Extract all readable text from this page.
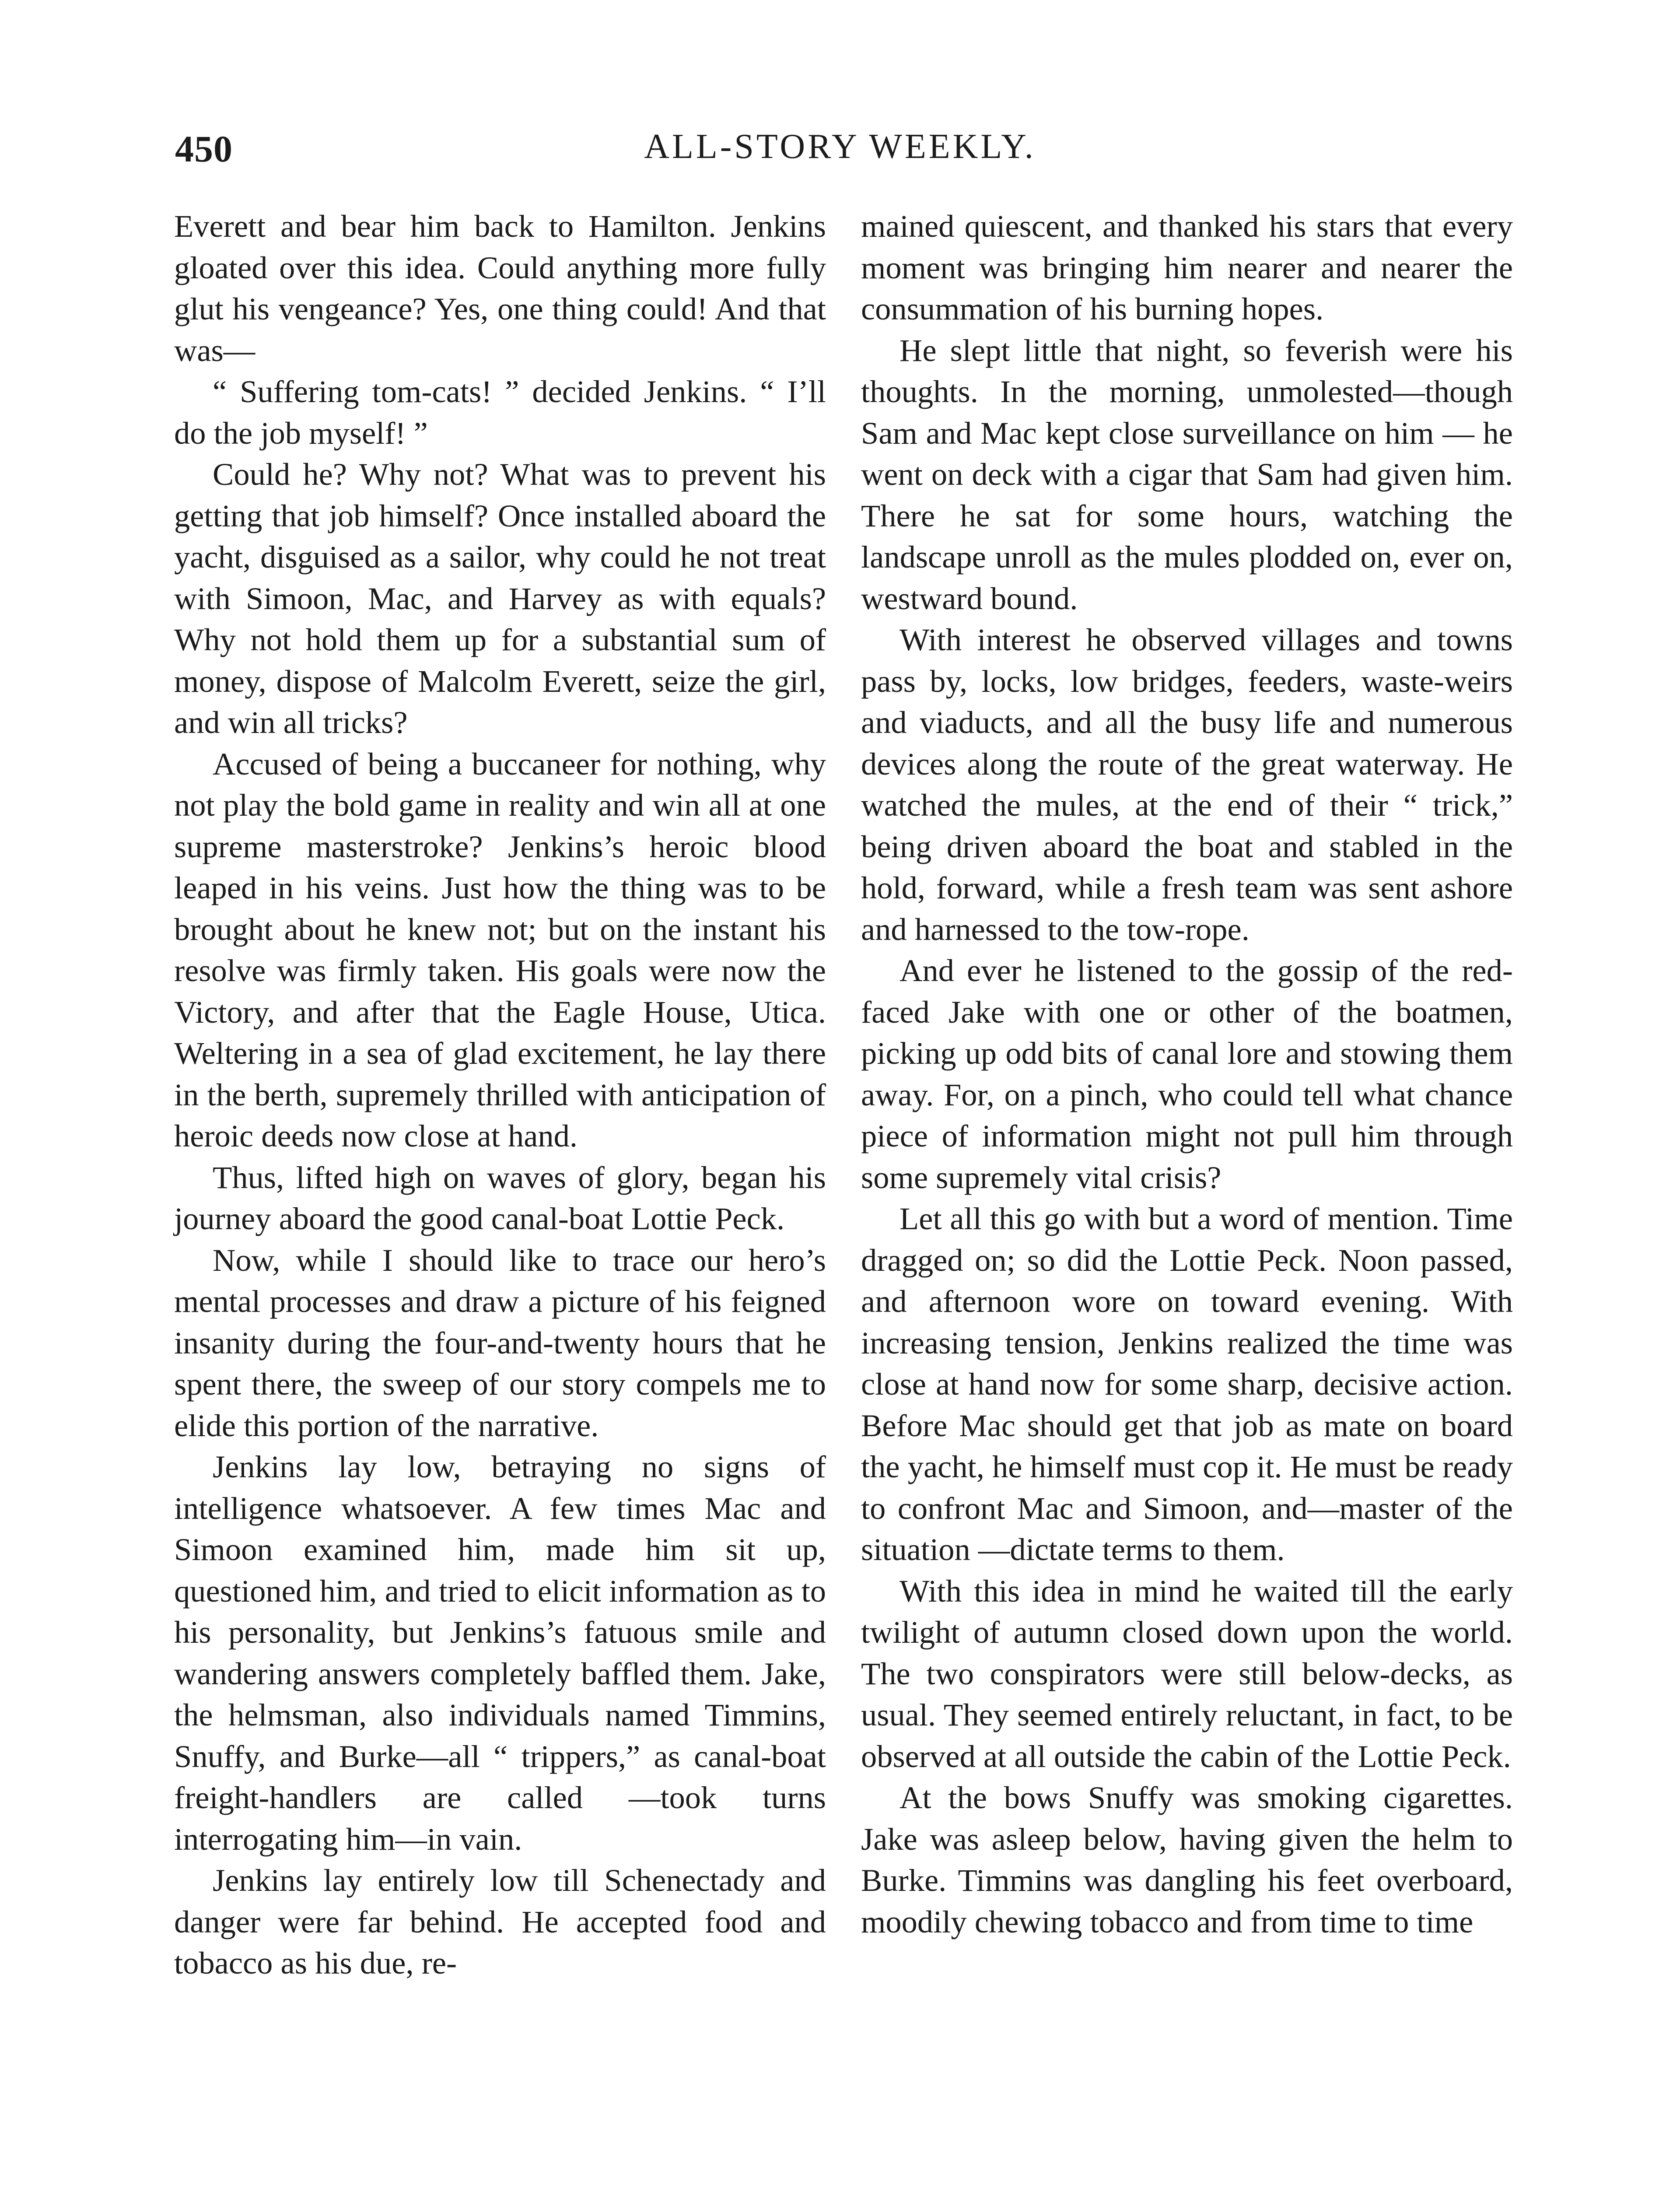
450	ALL-STORY WEEKLY.

Everett and bear him back to Hamilton. Jenkins gloated over this idea. Could anything more fully glut his vengeance? Yes, one thing could! And that was—

“ Suffering tom-cats! ” decided Jenkins. “ I’ll do the job myself! ”

Could he? Why not? What was to prevent his getting that job himself? Once installed aboard the yacht, disguised as a sailor, why could he not treat with Simoon, Mac, and Harvey as with equals? Why not hold them up for a substantial sum of money, dispose of Malcolm Everett, seize the girl, and win all tricks?

Accused of being a buccaneer for nothing, why not play the bold game in reality and win all at one supreme masterstroke? Jenkins’s heroic blood leaped in his veins. Just how the thing was to be brought about he knew not; but on the instant his resolve was firmly taken. His goals were now the Victory, and after that the Eagle House, Utica. Weltering in a sea of glad excitement, he lay there in the berth, supremely thrilled with anticipation of heroic deeds now close at hand.

Thus, lifted high on waves of glory, began his journey aboard the good canal-boat Lottie Peck.

Now, while I should like to trace our hero’s mental processes and draw a picture of his feigned insanity during the four-and-twenty hours that he spent there, the sweep of our story compels me to elide this portion of the narrative.

Jenkins lay low, betraying no signs of intelligence whatsoever. A few times Mac and Simoon examined him, made him sit up, questioned him, and tried to elicit information as to his personality, but Jenkins’s fatuous smile and wandering answers completely baffled them. Jake, the helmsman, also individuals named Timmins, Snuffy, and Burke—all “ trippers,” as canal-boat freight-handlers are called —took turns interrogating him—in vain.

Jenkins lay entirely low till Schenectady and danger were far behind. He accepted food and tobacco as his due, re-

mained quiescent, and thanked his stars that every moment was bringing him nearer and nearer the consummation of his burning hopes.

He slept little that night, so feverish were his thoughts. In the morning, unmolested—though Sam and Mac kept close surveillance on him — he went on deck with a cigar that Sam had given him. There he sat for some hours, watching the landscape unroll as the mules plodded on, ever on, westward bound.

With interest he observed villages and towns pass by, locks, low bridges, feeders, waste-weirs and viaducts, and all the busy life and numerous devices along the route of the great waterway. He watched the mules, at the end of their “ trick,” being driven aboard the boat and stabled in the hold, forward, while a fresh team was sent ashore and harnessed to the tow-rope.

And ever he listened to the gossip of the red-faced Jake with one or other of the boatmen, picking up odd bits of canal lore and stowing them away. For, on a pinch, who could tell what chance piece of information might not pull him through some supremely vital crisis?

Let all this go with but a word of mention. Time dragged on; so did the Lottie Peck. Noon passed, and afternoon wore on toward evening. With increasing tension, Jenkins realized the time was close at hand now for some sharp, decisive action. Before Mac should get that job as mate on board the yacht, he himself must cop it. He must be ready to confront Mac and Simoon, and—master of the situation —dictate terms to them.

With this idea in mind he waited till the early twilight of autumn closed down upon the world. The two conspirators were still below-decks, as usual. They seemed entirely reluctant, in fact, to be observed at all outside the cabin of the Lottie Peck.

At the bows Snuffy was smoking cigarettes. Jake was asleep below, having given the helm to Burke. Timmins was dangling his feet overboard, moodily chewing tobacco and from time to time
